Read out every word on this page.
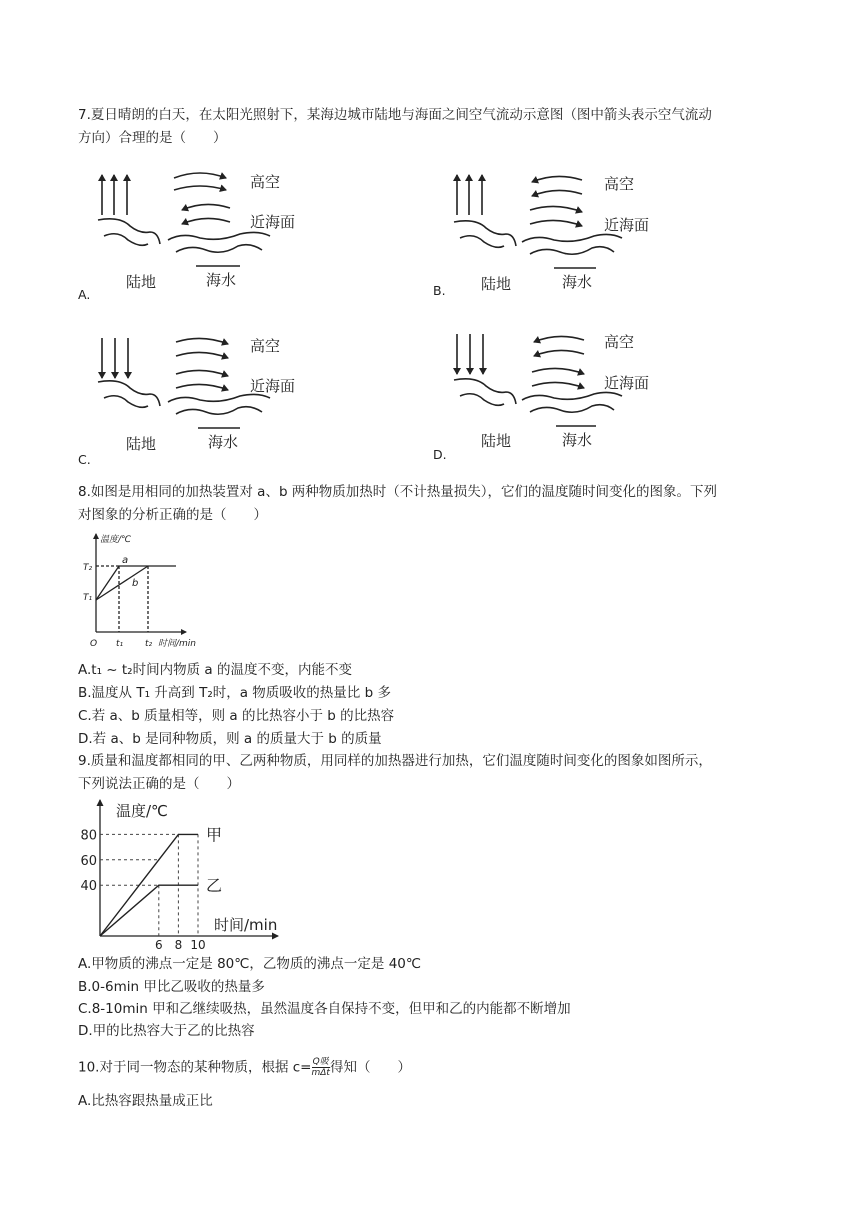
7.夏日晴朗的白天，在太阳光照射下，某海边城市陆地与海面之间空气流动示意图（图中箭头表示空气流动
方向）合理的是（　　）
高空
近海面
陆地	海水
高空
近海面
陆地	海水
高空
近海面
陆地	海水
高空
近海面
陆地	海水
A.	B.
C.	D.
8.如图是用相同的加热装置对 a、b 两种物质加热时（不计热量损失），它们的温度随时间变化的图象。下列
对图象的分析正确的是（　　）
温度/℃
时间/min
O
T₂
T₁
t₁ t₂
a
b
A.t₁ ~ t₂时间内物质 a 的温度不变，内能不变
B.温度从 T₁ 升高到 T₂时，a 物质吸收的热量比 b 多
C.若 a、b 质量相等，则 a 的比热容小于 b 的比热容
D.若 a、b 是同种物质，则 a 的质量大于 b 的质量
9.质量和温度都相同的甲、乙两种物质，用同样的加热器进行加热，它们温度随时间变化的图象如图所示，
下列说法正确的是（　　）
温度/℃
时间/min
40
60
80
6 8 10
甲
乙
A.甲物质的沸点一定是 80℃，乙物质的沸点一定是 40℃
B.0-6min 甲比乙吸收的热量多
C.8-10min 甲和乙继续吸热，虽然温度各自保持不变，但甲和乙的内能都不断增加
D.甲的比热容大于乙的比热容
10.对于同一物态的某种物质，根据 $c= \frac{\text{Q吸}}{\text{mΔt}}$ 得知（　　）
A.比热容跟热量成正比
